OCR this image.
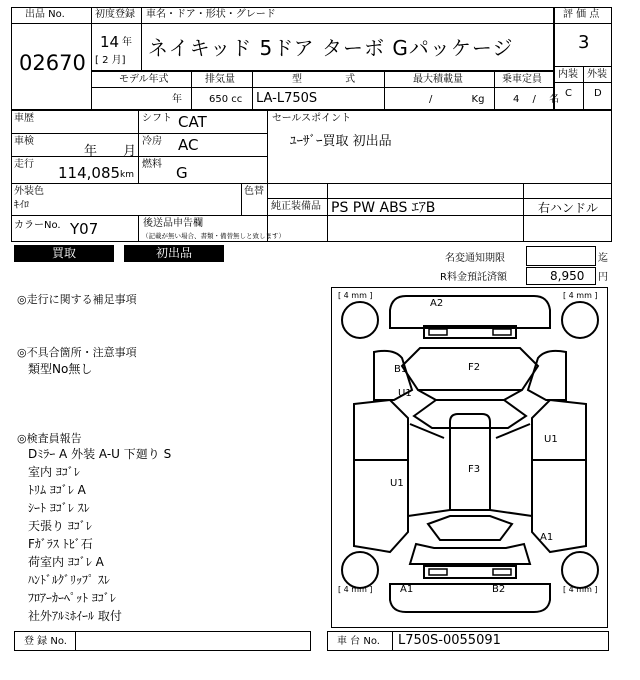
出品 No.
02670
初度登録 車名・ドア・形状・グレード
14 年
[ 2 月]
ネイキッド 5ドア ターボ Gパッケージ
モデル年式	排気量	型 式	最大積載量	乗車定員
年	650 cc LA-L750S	/ Kg	4 / 名
評 価 点
3
内装 外装
C D
車歴	シフト CAT	セールスポイント
ﾕｰｻﾞｰ買取 初出品
車検
年 月
冷房 AC
走行 114,085 km
燃料 G
外装色
ｷｲﾛ
色替
純正装備品 PS PW ABS ｴｱB	右ハンドル
カラーNo. Y07	後送品申告欄
（記載が無い場合、書類・備替無しと致します）
買取	初出品	名変通知期限	迄
R料金預託済額	8,950 円
◎走行に関する補足事項
◎不具合箇所・注意事項
類型No無し
◎検査員報告
Dﾐﾗｰ A 外装 A-U 下廻り S
室内 ﾖｺﾞﾚ
ﾄﾘﾑ ﾖｺﾞﾚ A
ｼｰﾄ ﾖｺﾞﾚ ｽﾚ
天張り ﾖｺﾞﾚ
Fｶﾞﾗｽ ﾄﾋﾞ石
荷室内 ﾖｺﾞﾚ A
ﾊﾝﾄﾞﾙｸﾞﾘｯﾌﾟ ｽﾚ
ﾌﾛｱｰｶｰﾍﾟｯﾄ ﾖｺﾞﾚ
社外ｱﾙﾐﾎｲｰﾙ 取付
[ 4 mm ]	[ 4 mm ]
[ 4 mm ]	[ 4 mm ]
A2
F2
B1
U1
U1
F3
U1
A1
A1	B2
登 録 No.	車 台 No. L750S-0055091
